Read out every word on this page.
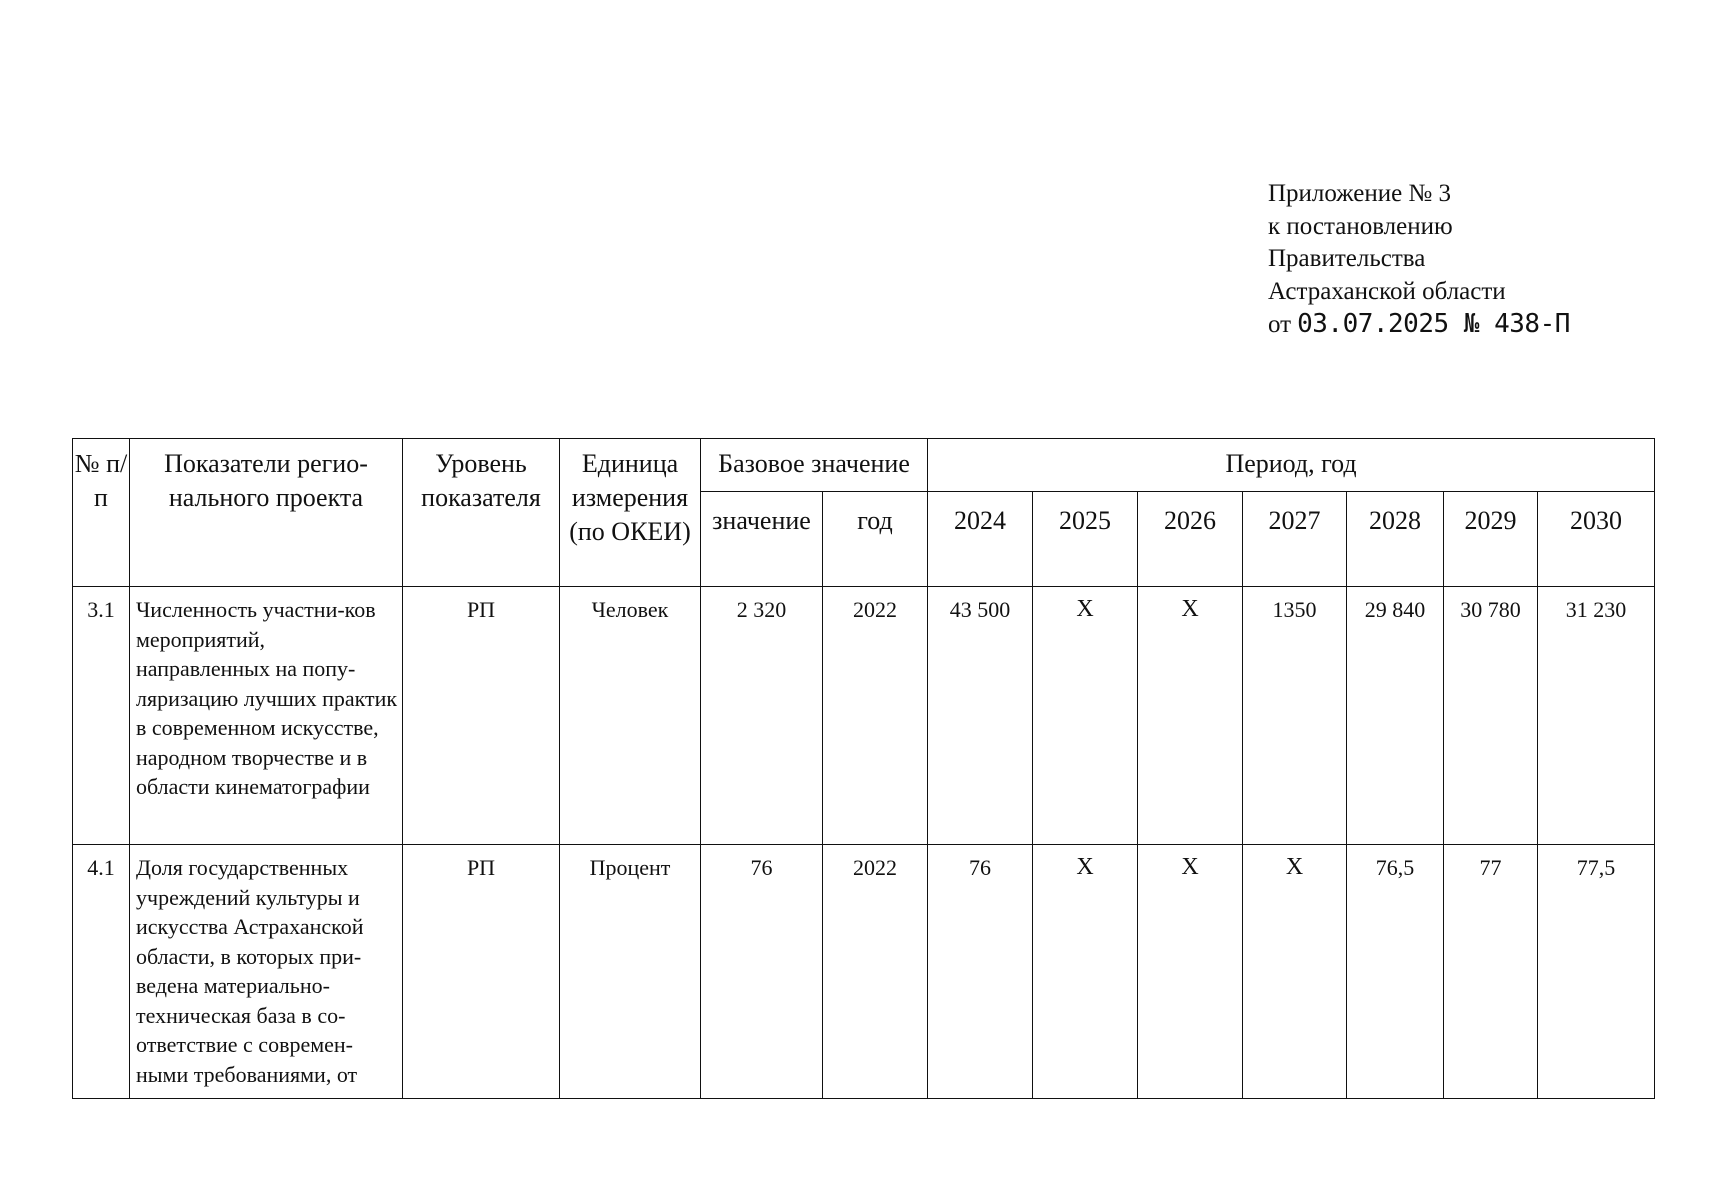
Приложение № 3
к постановлению
Правительства
Астраханской области
от 03.07.2025 № 438-П
№ п/п	Показатели регио-нального проекта	Уровень показателя	Единица измерения (по ОКЕИ)	Базовое значение		Период, год						
				значение	год	2024	2025	2026	2027	2028	2029	2030
3.1	Численность участни-ков мероприятий, направленных на попу-ляризацию лучших практик в современном искусстве, народном творчестве и в области кинематографии	РП	Человек	2 320	2022	43 500	Х	Х	1350	29 840	30 780	31 230
4.1	Доля государственных учреждений культуры и искусства Астраханской области, в которых при-ведена материально-техническая база в со-ответствие с современ-ными требованиями, от	РП	Процент	76	2022	76	Х	Х	Х	76,5	77	77,5
